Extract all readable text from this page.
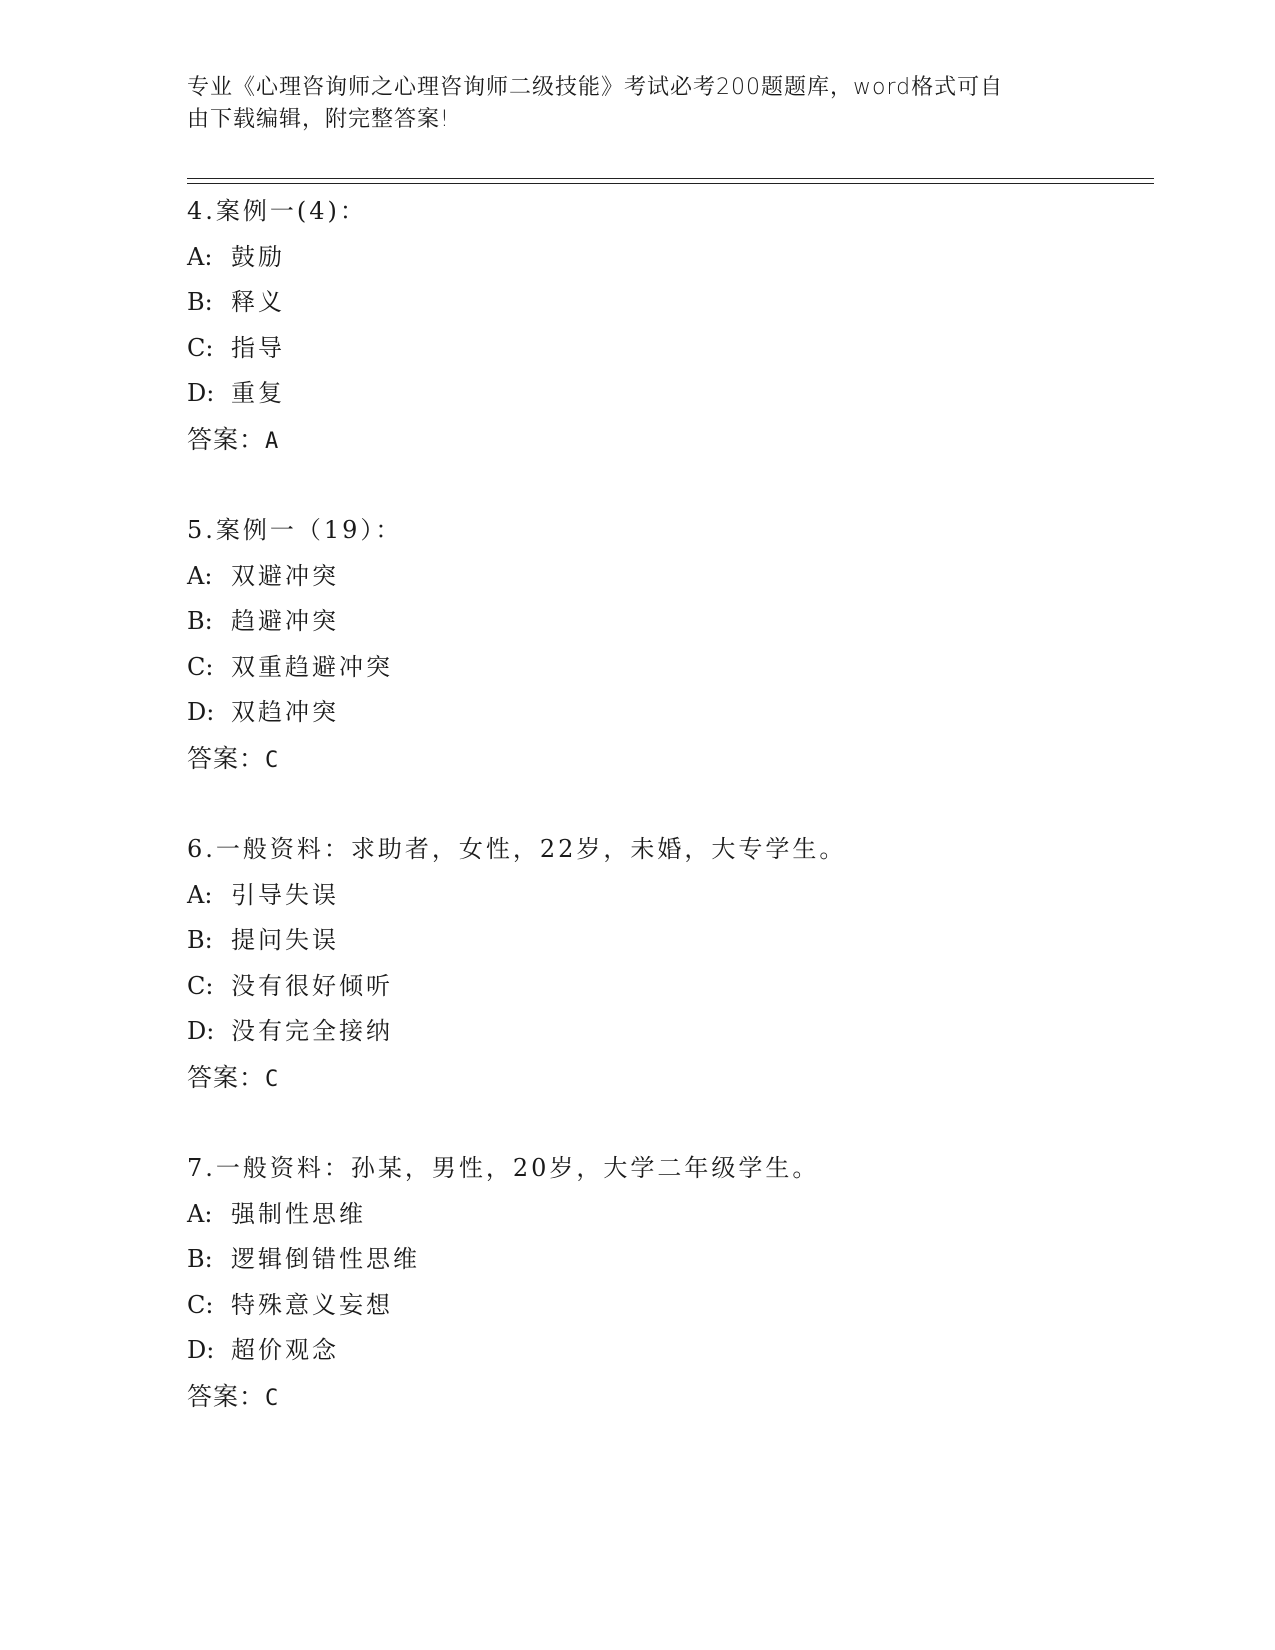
专业《心理咨询师之心理咨询师二级技能》考试必考200题题库，word格式可自
由下载编辑，附完整答案!
4.案例一(4)：
A: 鼓励
B: 释义
C: 指导
D: 重复
答案：A
5.案例一（19）：
A: 双避冲突
B: 趋避冲突
C: 双重趋避冲突
D: 双趋冲突
答案：C
6.一般资料：求助者，女性，22岁，未婚，大专学生。
A: 引导失误
B: 提问失误
C: 没有很好倾听
D: 没有完全接纳
答案：C
7.一般资料：孙某，男性，20岁，大学二年级学生。
A: 强制性思维
B: 逻辑倒错性思维
C: 特殊意义妄想
D: 超价观念
答案：C
